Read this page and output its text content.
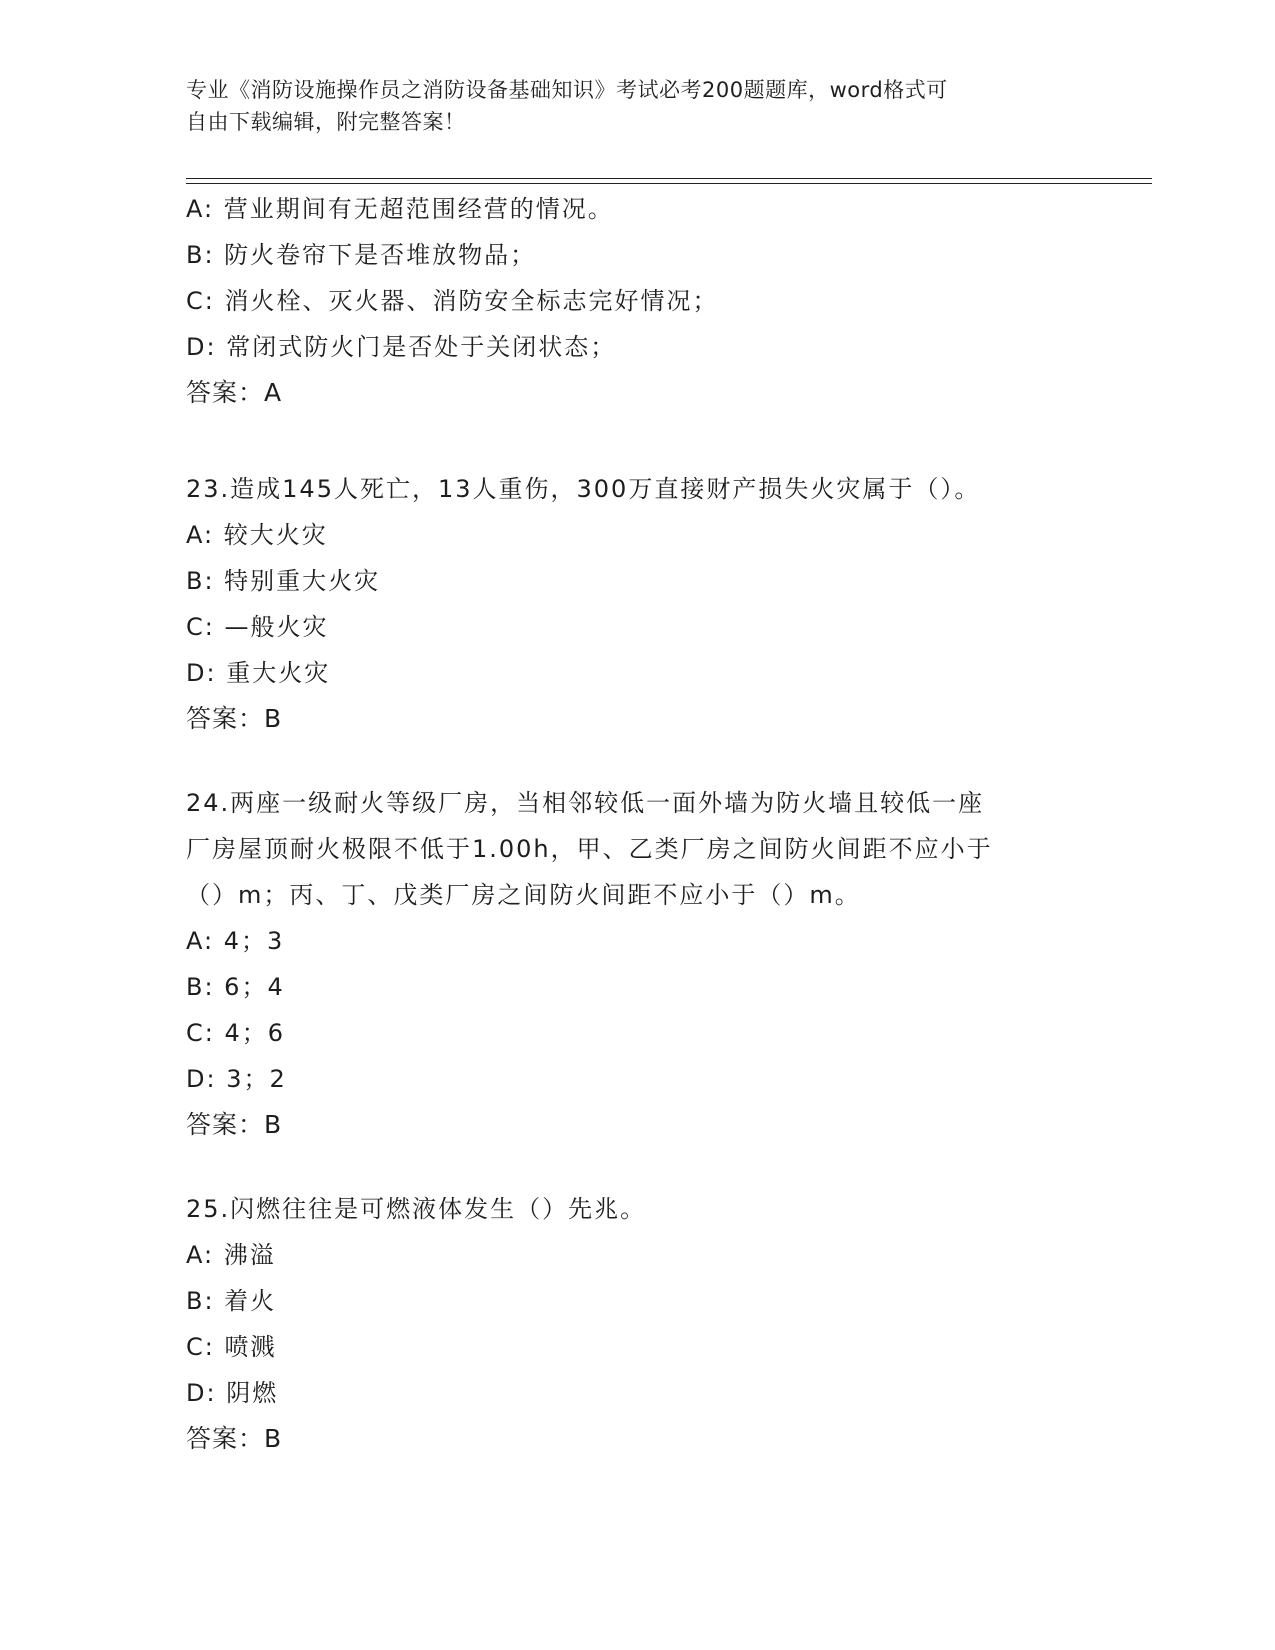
专业《消防设施操作员之消防设备基础知识》考试必考200题题库，word格式可
自由下载编辑，附完整答案！
A: 营业期间有无超范围经营的情况。
B: 防火卷帘下是否堆放物品；
C: 消火栓、灭火器、消防安全标志完好情况；
D: 常闭式防火门是否处于关闭状态；
答案：A
23.造成145人死亡，13人重伤，300万直接财产损失火灾属于（）。
A: 较大火灾
B: 特别重大火灾
C: —般火灾
D: 重大火灾
答案：B
24.两座一级耐火等级厂房，当相邻较低一面外墙为防火墙且较低一座
厂房屋顶耐火极限不低于1.00h，甲、乙类厂房之间防火间距不应小于
（）m；丙、丁、戊类厂房之间防火间距不应小于（）m。
A: 4；3
B: 6；4
C: 4；6
D: 3；2
答案：B
25.闪燃往往是可燃液体发生（）先兆。
A: 沸溢
B: 着火
C: 喷溅
D: 阴燃
答案：B
